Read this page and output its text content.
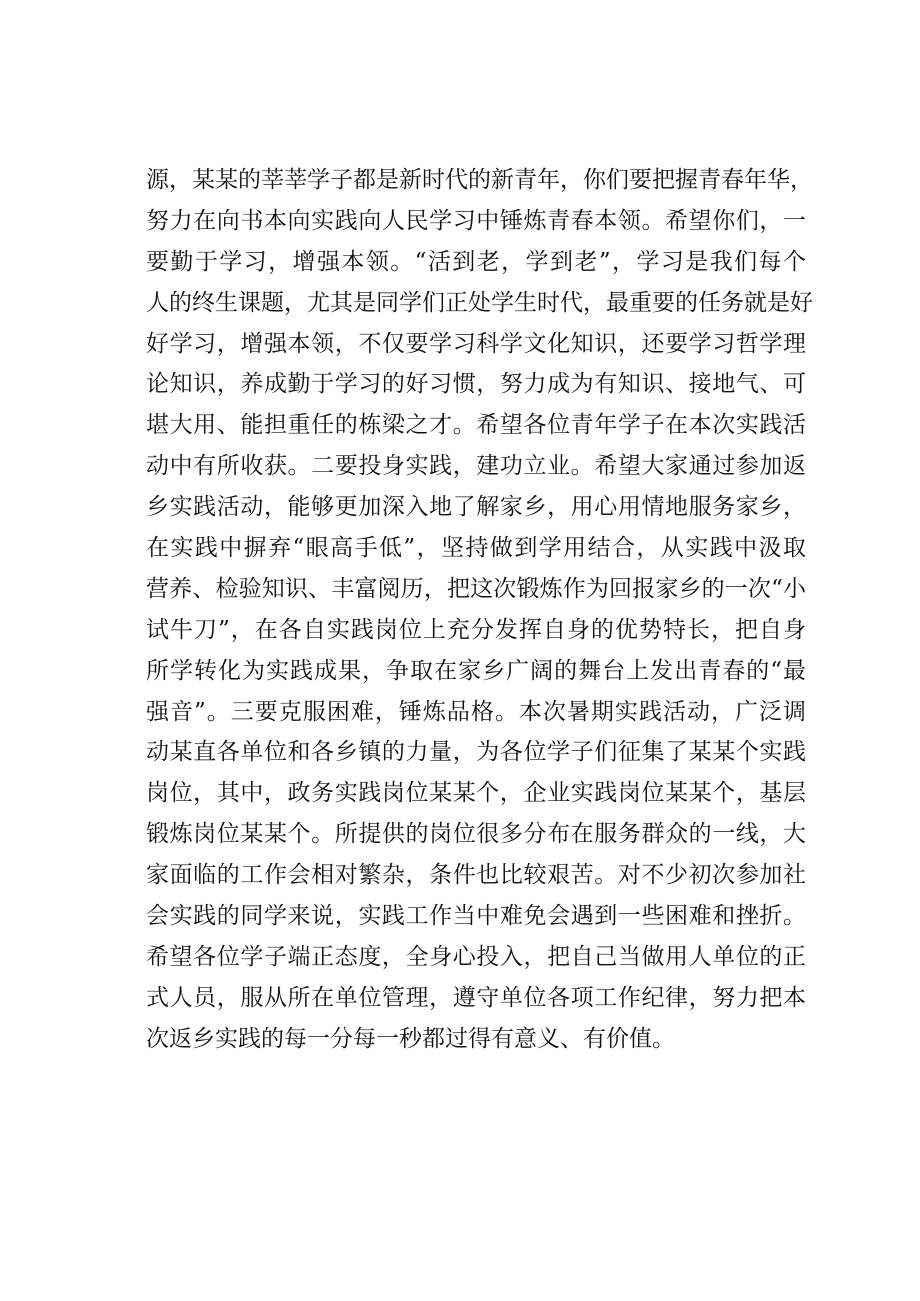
源，某某的莘莘学子都是新时代的新青年，你们要把握青春年华，
努力在向书本向实践向人民学习中锤炼青春本领。希望你们，一
要勤于学习，增强本领。“活到老，学到老”，学习是我们每个
人的终生课题，尤其是同学们正处学生时代，最重要的任务就是好
好学习，增强本领，不仅要学习科学文化知识，还要学习哲学理
论知识，养成勤于学习的好习惯，努力成为有知识、接地气、可
堪大用、能担重任的栋梁之才。希望各位青年学子在本次实践活
动中有所收获。二要投身实践，建功立业。希望大家通过参加返
乡实践活动，能够更加深入地了解家乡，用心用情地服务家乡，
在实践中摒弃“眼高手低”，坚持做到学用结合，从实践中汲取
营养、检验知识、丰富阅历，把这次锻炼作为回报家乡的一次“小
试牛刀”，在各自实践岗位上充分发挥自身的优势特长，把自身
所学转化为实践成果，争取在家乡广阔的舞台上发出青春的“最
强音”。三要克服困难，锤炼品格。本次暑期实践活动，广泛调
动某直各单位和各乡镇的力量，为各位学子们征集了某某个实践
岗位，其中，政务实践岗位某某个，企业实践岗位某某个，基层
锻炼岗位某某个。所提供的岗位很多分布在服务群众的一线，大
家面临的工作会相对繁杂，条件也比较艰苦。对不少初次参加社
会实践的同学来说，实践工作当中难免会遇到一些困难和挫折。
希望各位学子端正态度，全身心投入，把自己当做用人单位的正
式人员，服从所在单位管理，遵守单位各项工作纪律，努力把本
次返乡实践的每一分每一秒都过得有意义、有价值。
